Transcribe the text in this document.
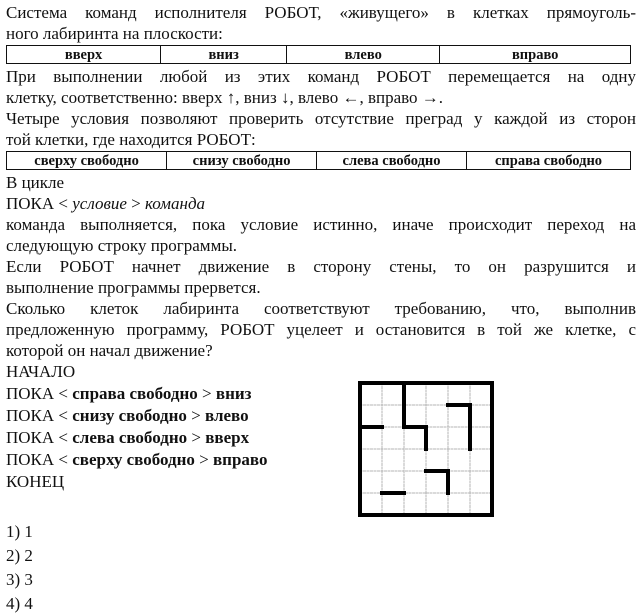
Система команд исполнителя РОБОТ, «живущего» в клетках прямоуголь-

ного лабиринта на плоскости:

вверх	вниз	влево	вправо

При выполнении любой из этих команд РОБОТ перемещается на одну

клетку, соответственно: вверх ↑, вниз ↓, влево ←, вправо →.

Четыре условия позволяют проверить отсутствие преград у каждой из сторон

той клетки, где находится РОБОТ:

сверху свободно	снизу свободно	слева свободно	справа свободно

В цикле

ПОКА < условие > команда

команда выполняется, пока условие истинно, иначе происходит переход на

следующую строку программы.

Если РОБОТ начнет движение в сторону стены, то он разрушится и

выполнение программы прервется.

Сколько клеток лабиринта соответствуют требованию, что, выполнив

предложенную программу, РОБОТ уцелеет и остановится в той же клетке, с

которой он начал движение?

НАЧАЛО

ПОКА < справа свободно > вниз

ПОКА < снизу свободно > влево

ПОКА < слева свободно > вверх

ПОКА < сверху свободно > вправо

КОНЕЦ

1) 1
2) 2
3) 3
4) 4
